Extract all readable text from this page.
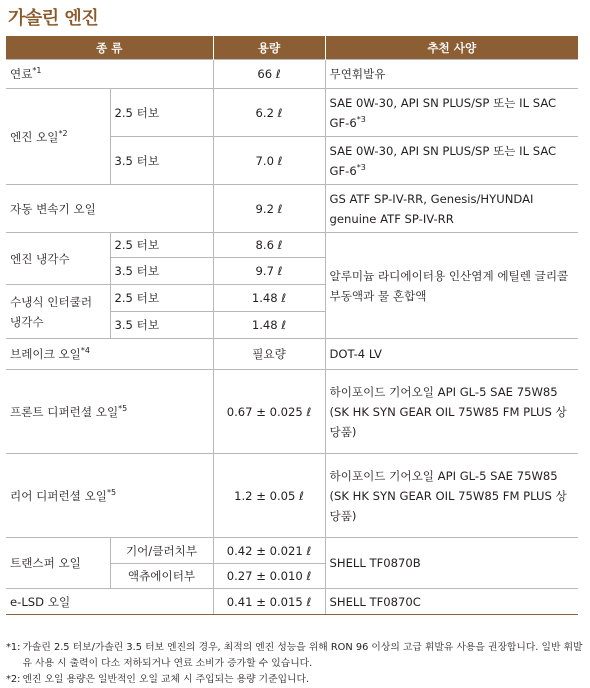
가솔린 엔진
종 류		용량	추천 사양
연료$^{*1}$		66 ℓ	무연휘발유
엔진 오일$^{*2}$	2.5 터보	6.2 ℓ	SAE 0W-30, API SN PLUS/SP 또는 IL SAC GF-6$^{*3}$
	3.5 터보	7.0 ℓ	SAE 0W-30, API SN PLUS/SP 또는 IL SAC GF-6$^{*3}$
자동 변속기 오일		9.2 ℓ	GS ATF SP-IV-RR, Genesis/HYUNDAI genuine ATF SP-IV-RR
엔진 냉각수	2.5 터보	8.6 ℓ	알루미늄 라디에이터용 인산염계 에틸렌 글리콜 부동액과 물 혼합액
	3.5 터보	9.7 ℓ	
수냉식 인터쿨러 냉각수	2.5 터보	1.48 ℓ	
	3.5 터보	1.48 ℓ	
브레이크 오일$^{*4}$		필요량	DOT-4 LV
프론트 디퍼런셜 오일$^{*5}$		0.67 ± 0.025 ℓ	하이포이드 기어오일 API GL-5 SAE 75W85
(SK HK SYN GEAR OIL 75W85 FM PLUS 상당품)

리어 디퍼런셜 오일$^{*5}$		1.2 ± 0.05 ℓ	하이포이드 기어오일 API GL-5 SAE 75W85
(SK HK SYN GEAR OIL 75W85 FM PLUS 상당품)

트랜스퍼 오일	기어/클러치부	0.42 ± 0.021 ℓ	SHELL TF0870B
	액츄에이터부	0.27 ± 0.010 ℓ	
e-LSD 오일		0.41 ± 0.015 ℓ	SHELL TF0870C
*1 : 가솔린 2.5 터보/가솔린 3.5 터보 엔진의 경우, 최적의 엔진 성능을 위해 RON 96 이상의 고급 휘발유 사용을 권장합니다. 일반 휘발유 사용 시 출력이 다소 저하되거나 연료 소비가 증가할 수 있습니다.
*2 : 엔진 오일 용량은 일반적인 오일 교체 시 주입되는 용량 기준입니다.
